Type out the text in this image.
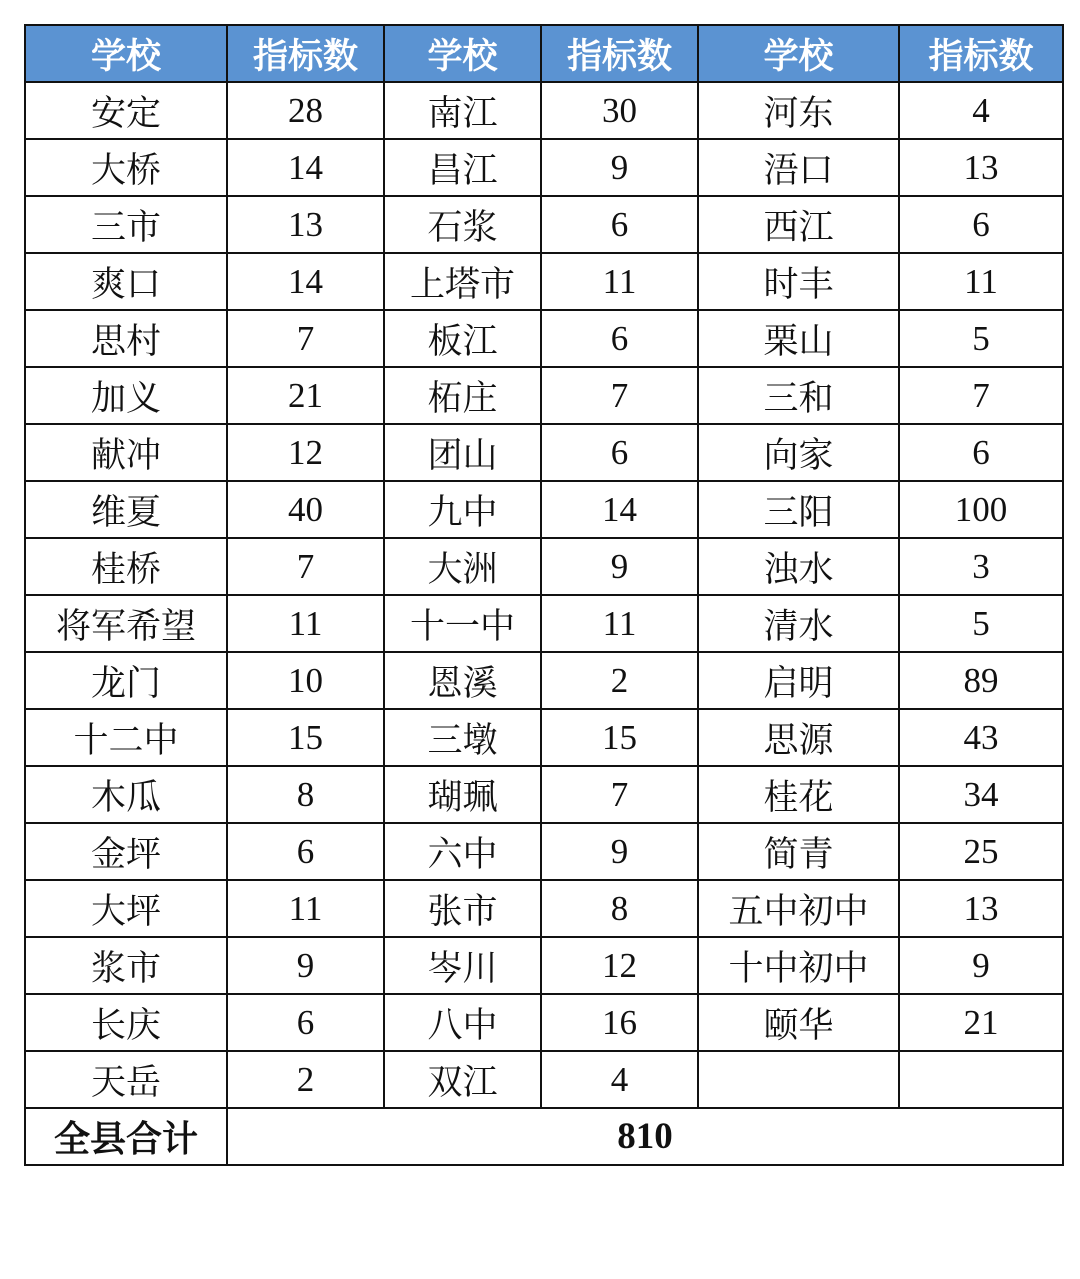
学校	指标数	学校	指标数	学校	指标数
安定	28	南江	30	河东	4
大桥	14	昌江	9	浯口	13
三市	13	石浆	6	西江	6
爽口	14	上塔市	11	时丰	11
思村	7	板江	6	栗山	5
加义	21	柘庄	7	三和	7
献冲	12	团山	6	向家	6
维夏	40	九中	14	三阳	100
桂桥	7	大洲	9	浊水	3
将军希望	11	十一中	11	清水	5
龙门	10	恩溪	2	启明	89
十二中	15	三墩	15	思源	43
木瓜	8	瑚珮	7	桂花	34
金坪	6	六中	9	简青	25
大坪	11	张市	8	五中初中	13
浆市	9	岑川	12	十中初中	9
长庆	6	八中	16	颐华	21
天岳	2	双江	4		
全县合计	810				
